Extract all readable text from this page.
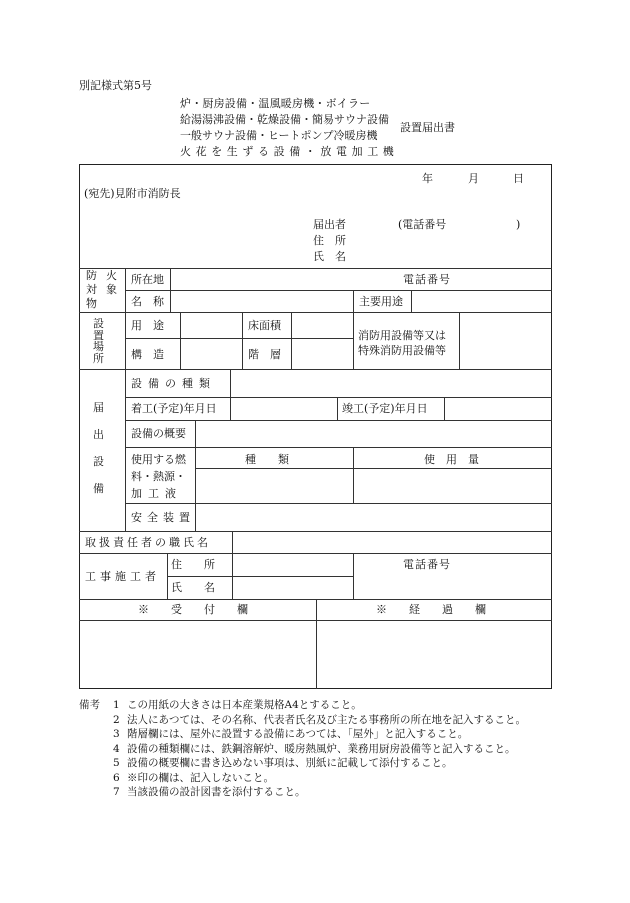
別記様式第5号
炉・厨房設備・温風暖房機・ボイラー
給湯湯沸設備・乾燥設備・簡易サウナ設備
一般サウナ設備・ヒートポンプ冷暖房機
火花を生ずる設備・放電加工機
設置届出書
年	月	日
(宛先)見附市消防長
届出者	(電話番号	)
住　所
氏　名
防火
対象
物
所在地	電話番号
名　称	主要用途
設
置
場
所
用　途	床面積
構　造	階　層
消防用設備等又は
特殊消防用設備等
届
出
設
備
設備の種類
着工(予定)年月日	竣工(予定)年月日
設備の概要
使用する燃
料・熱源・
加工液
種　　類	使　用　量
安全装置
取扱責任者の職氏名
工事施工者
住　　所
氏　　名
電話番号
※　　受　　付　　欄	※　　経　　過　　欄
備考	1 この用紙の大きさは日本産業規格A4とすること。
2 法人にあつては、その名称、代表者氏名及び主たる事務所の所在地を記入すること。
3 階層欄には、屋外に設置する設備にあつては、「屋外」と記入すること。
4 設備の種類欄には、鉄鋼溶解炉、暖房熱風炉、業務用厨房設備等と記入すること。
5 設備の概要欄に書き込めない事項は、別紙に記載して添付すること。
6 ※印の欄は、記入しないこと。
7 当該設備の設計図書を添付すること。
